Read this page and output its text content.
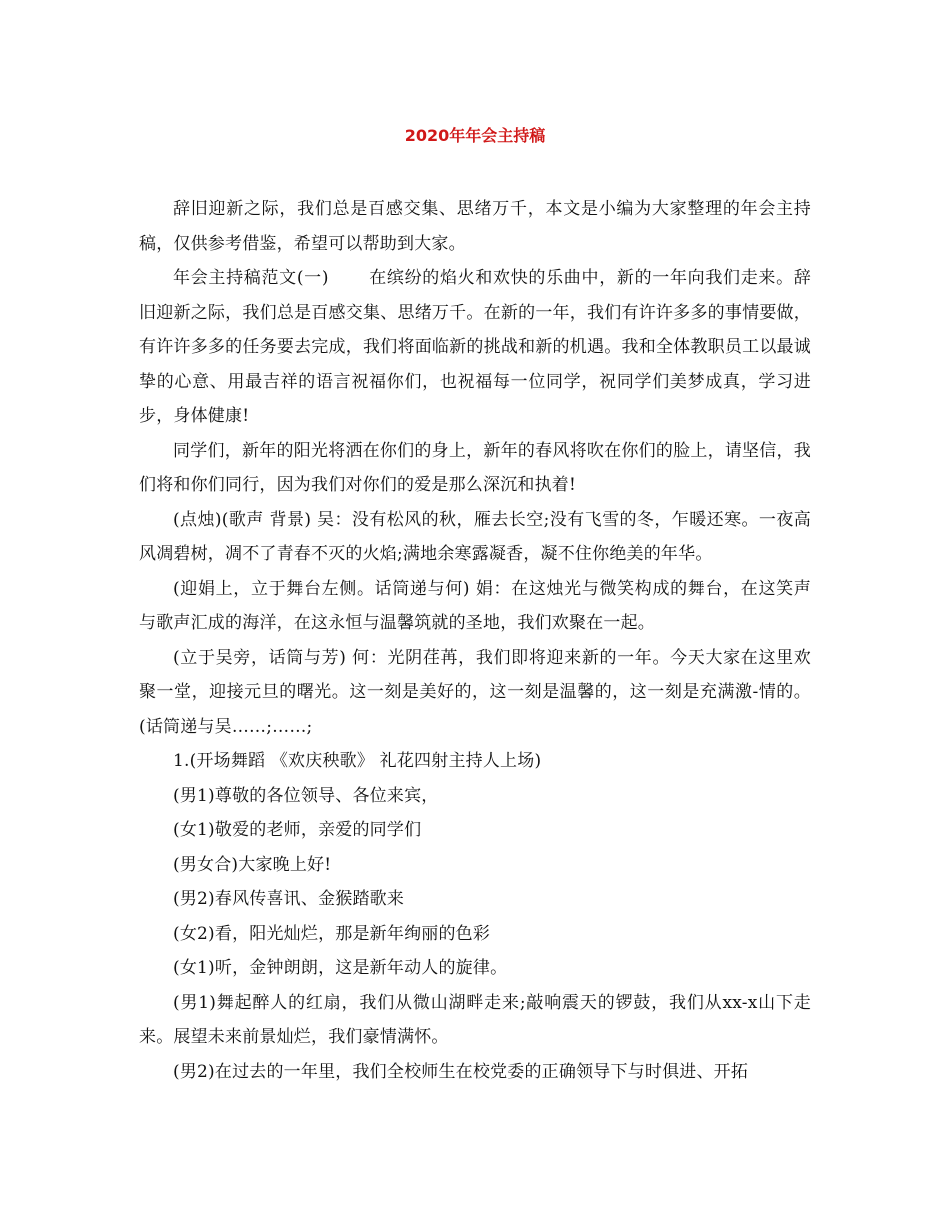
2020年年会主持稿

辞旧迎新之际，我们总是百感交集、思绪万千，本文是小编为大家整理的年会主持稿，仅供参考借鉴，希望可以帮助到大家。

年会主持稿范文(一) 在缤纷的焰火和欢快的乐曲中，新的一年向我们走来。辞旧迎新之际，我们总是百感交集、思绪万千。在新的一年，我们有许许多多的事情要做，有许许多多的任务要去完成，我们将面临新的挑战和新的机遇。我和全体教职员工以最诚挚的心意、用最吉祥的语言祝福你们，也祝福每一位同学，祝同学们美梦成真，学习进步，身体健康!

同学们，新年的阳光将洒在你们的身上，新年的春风将吹在你们的脸上，请坚信，我们将和你们同行，因为我们对你们的爱是那么深沉和执着!

(点烛)(歌声 背景) 吴：没有松风的秋，雁去长空;没有飞雪的冬，乍暖还寒。一夜高风凋碧树，凋不了青春不灭的火焰;满地余寒露凝香，凝不住你绝美的年华。

(迎娟上，立于舞台左侧。话筒递与何) 娟：在这烛光与微笑构成的舞台，在这笑声与歌声汇成的海洋，在这永恒与温馨筑就的圣地，我们欢聚在一起。

(立于吴旁，话筒与芳) 何：光阴荏苒，我们即将迎来新的一年。今天大家在这里欢聚一堂，迎接元旦的曙光。这一刻是美好的，这一刻是温馨的，这一刻是充满激-情的。(话筒递与吴……;……;

1.(开场舞蹈 《欢庆秧歌》 礼花四射主持人上场)

(男1)尊敬的各位领导、各位来宾，

(女1)敬爱的老师，亲爱的同学们

(男女合)大家晚上好!

(男2)春风传喜讯、金猴踏歌来

(女2)看，阳光灿烂，那是新年绚丽的色彩

(女1)听，金钟朗朗，这是新年动人的旋律。

(男1)舞起醉人的红扇，我们从微山湖畔走来;敲响震天的锣鼓，我们从xx-x山下走来。展望未来前景灿烂，我们豪情满怀。

(男2)在过去的一年里，我们全校师生在校党委的正确领导下与时俱进、开拓
